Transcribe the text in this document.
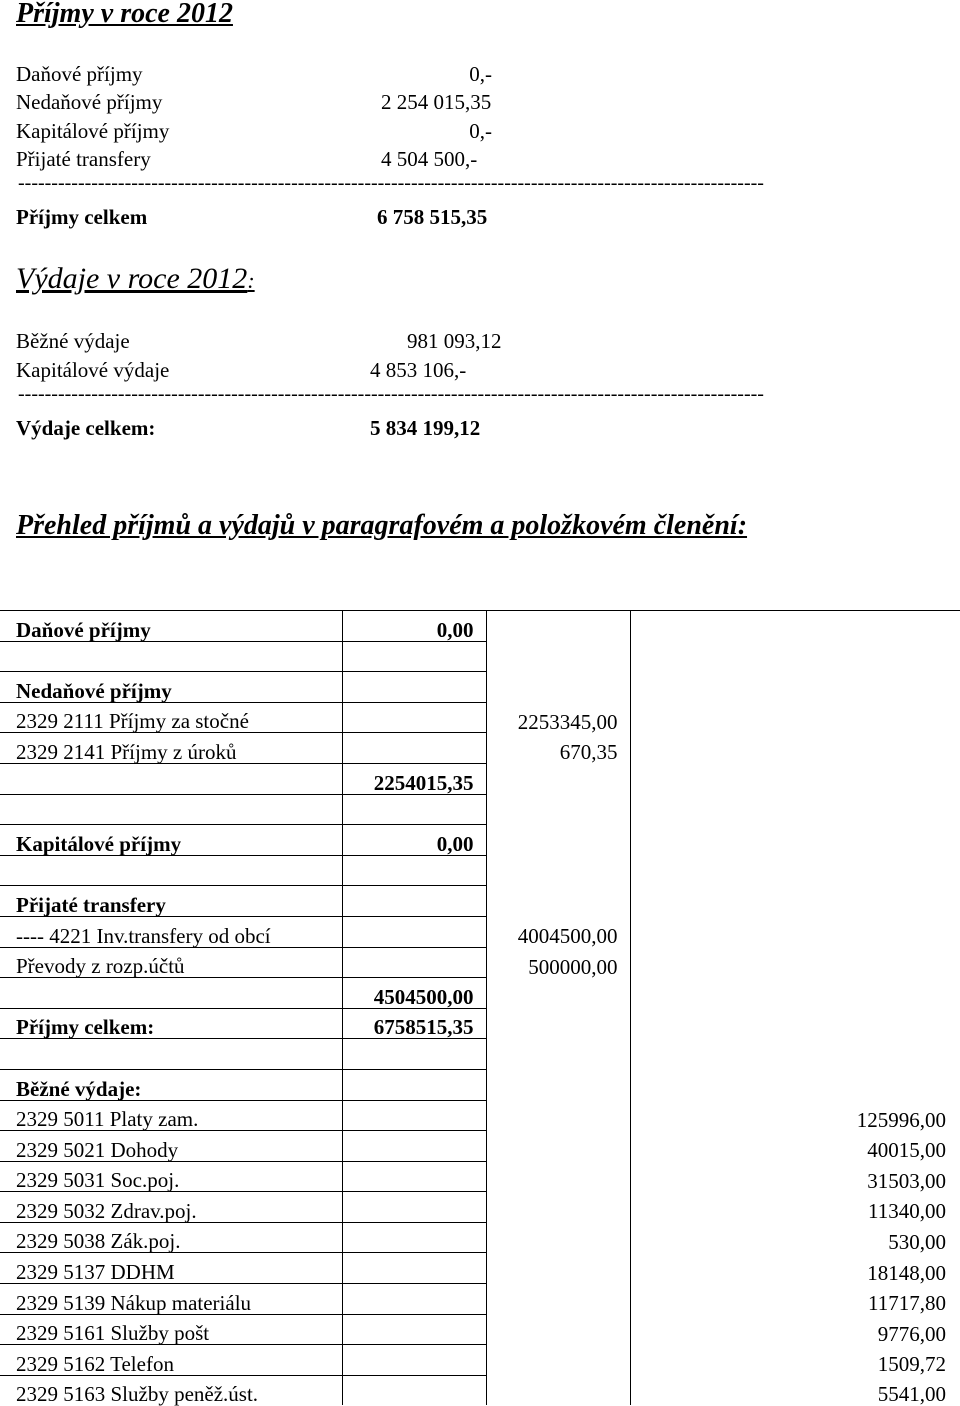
Příjmy v roce 2012
Daňové příjmy	0,-
Nedaňové příjmy	2 254 015,35
Kapitálové příjmy	0,-
Přijaté transfery	4 504 500,-
----------------------------------------------------------------------------------------------------------------
Příjmy celkem	6 758 515,35
Výdaje v roce 2012:
Běžné výdaje	981 093,12
Kapitálové výdaje	4 853 106,-
----------------------------------------------------------------------------------------------------------------
Výdaje celkem:	5 834 199,12
Přehled příjmů a výdajů v paragrafovém a položkovém členění:
Daňové příjmy	0,00		

Nedaňové příjmy			
2329 2111 Příjmy za stočné		2253345,00	
2329 2141 Příjmy z úroků		670,35	
	2254015,35		

Kapitálové příjmy	0,00		

Přijaté transfery			
---- 4221 Inv.transfery od obcí		4004500,00	
Převody z rozp.účtů		500000,00	
	4504500,00		
Příjmy celkem:	6758515,35		

Běžné výdaje:			
2329 5011 Platy zam.			125996,00
2329 5021 Dohody			40015,00
2329 5031 Soc.poj.			31503,00
2329 5032 Zdrav.poj.			11340,00
2329 5038 Zák.poj.			530,00
2329 5137 DDHM			18148,00
2329 5139 Nákup materiálu			11717,80
2329 5161 Služby pošt			9776,00
2329 5162 Telefon			1509,72
2329 5163 Služby peněž.úst.			5541,00
